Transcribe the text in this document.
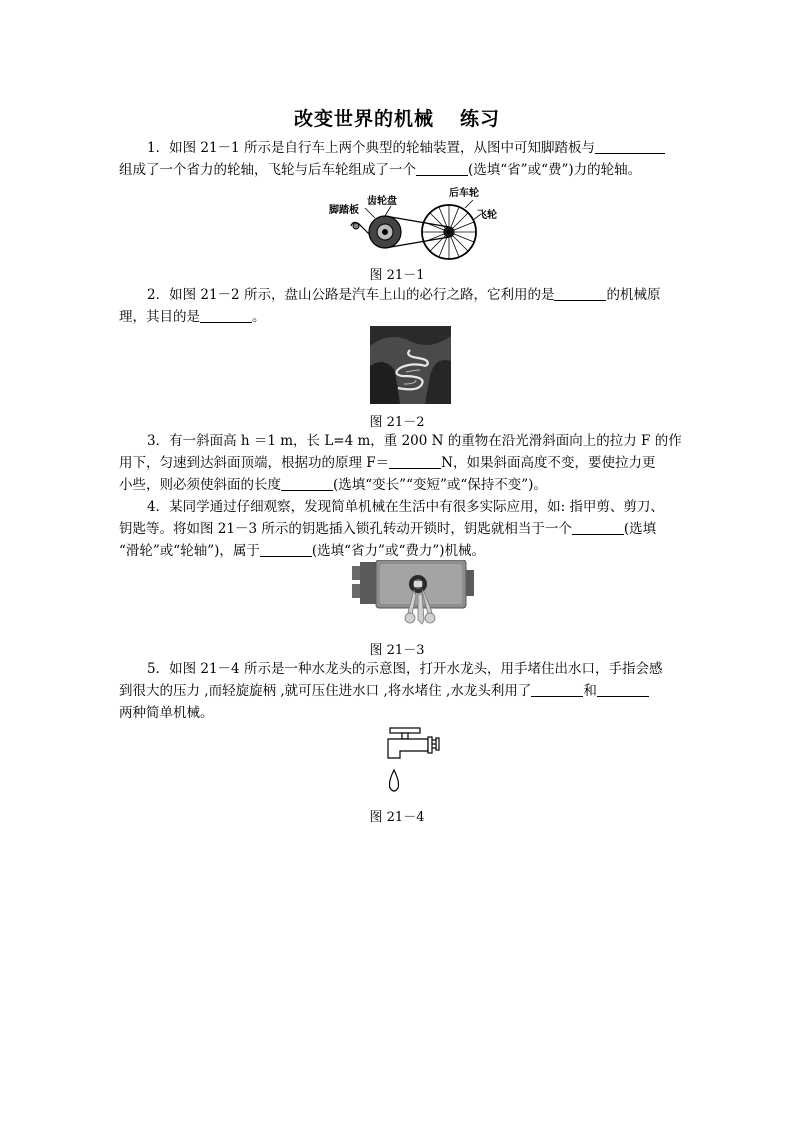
改变世界的机械 练习
1．如图 21－1 所示是自行车上两个典型的轮轴装置，从图中可知脚踏板与
组成了一个省力的轮轴，飞轮与后车轮组成了一个	(选填“省”或“费”)力的轮轴。
脚踏板
齿轮盘
后车轮
飞轮
图 21－1
2．如图 21－2 所示，盘山公路是汽车上山的必行之路，它利用的是	的机械原
理，其目的是	。
图 21－2
3．有一斜面高 h ＝1 m，长 L=4 m，重 200 N 的重物在沿光滑斜面向上的拉力 F 的作
用下，匀速到达斜面顶端，根据功的原理 F＝	N，如果斜面高度不变，要使拉力更
小些，则必须使斜面的长度	(选填“变长”“变短”或“保持不变”)。
4．某同学通过仔细观察，发现简单机械在生活中有很多实际应用，如: 指甲剪、剪刀、
钥匙等。将如图 21－3 所示的钥匙插入锁孔转动开锁时，钥匙就相当于一个	(选填
“滑轮”或“轮轴”)，属于	(选填“省力”或“费力”)机械。
图 21－3
5．如图 21－4 所示是一种水龙头的示意图，打开水龙头，用手堵住出水口，手指会感
到很大的压力 ,而轻旋旋柄 ,就可压住进水口 ,将水堵住 ,水龙头利用了	和
两种简单机械。
图 21－4
